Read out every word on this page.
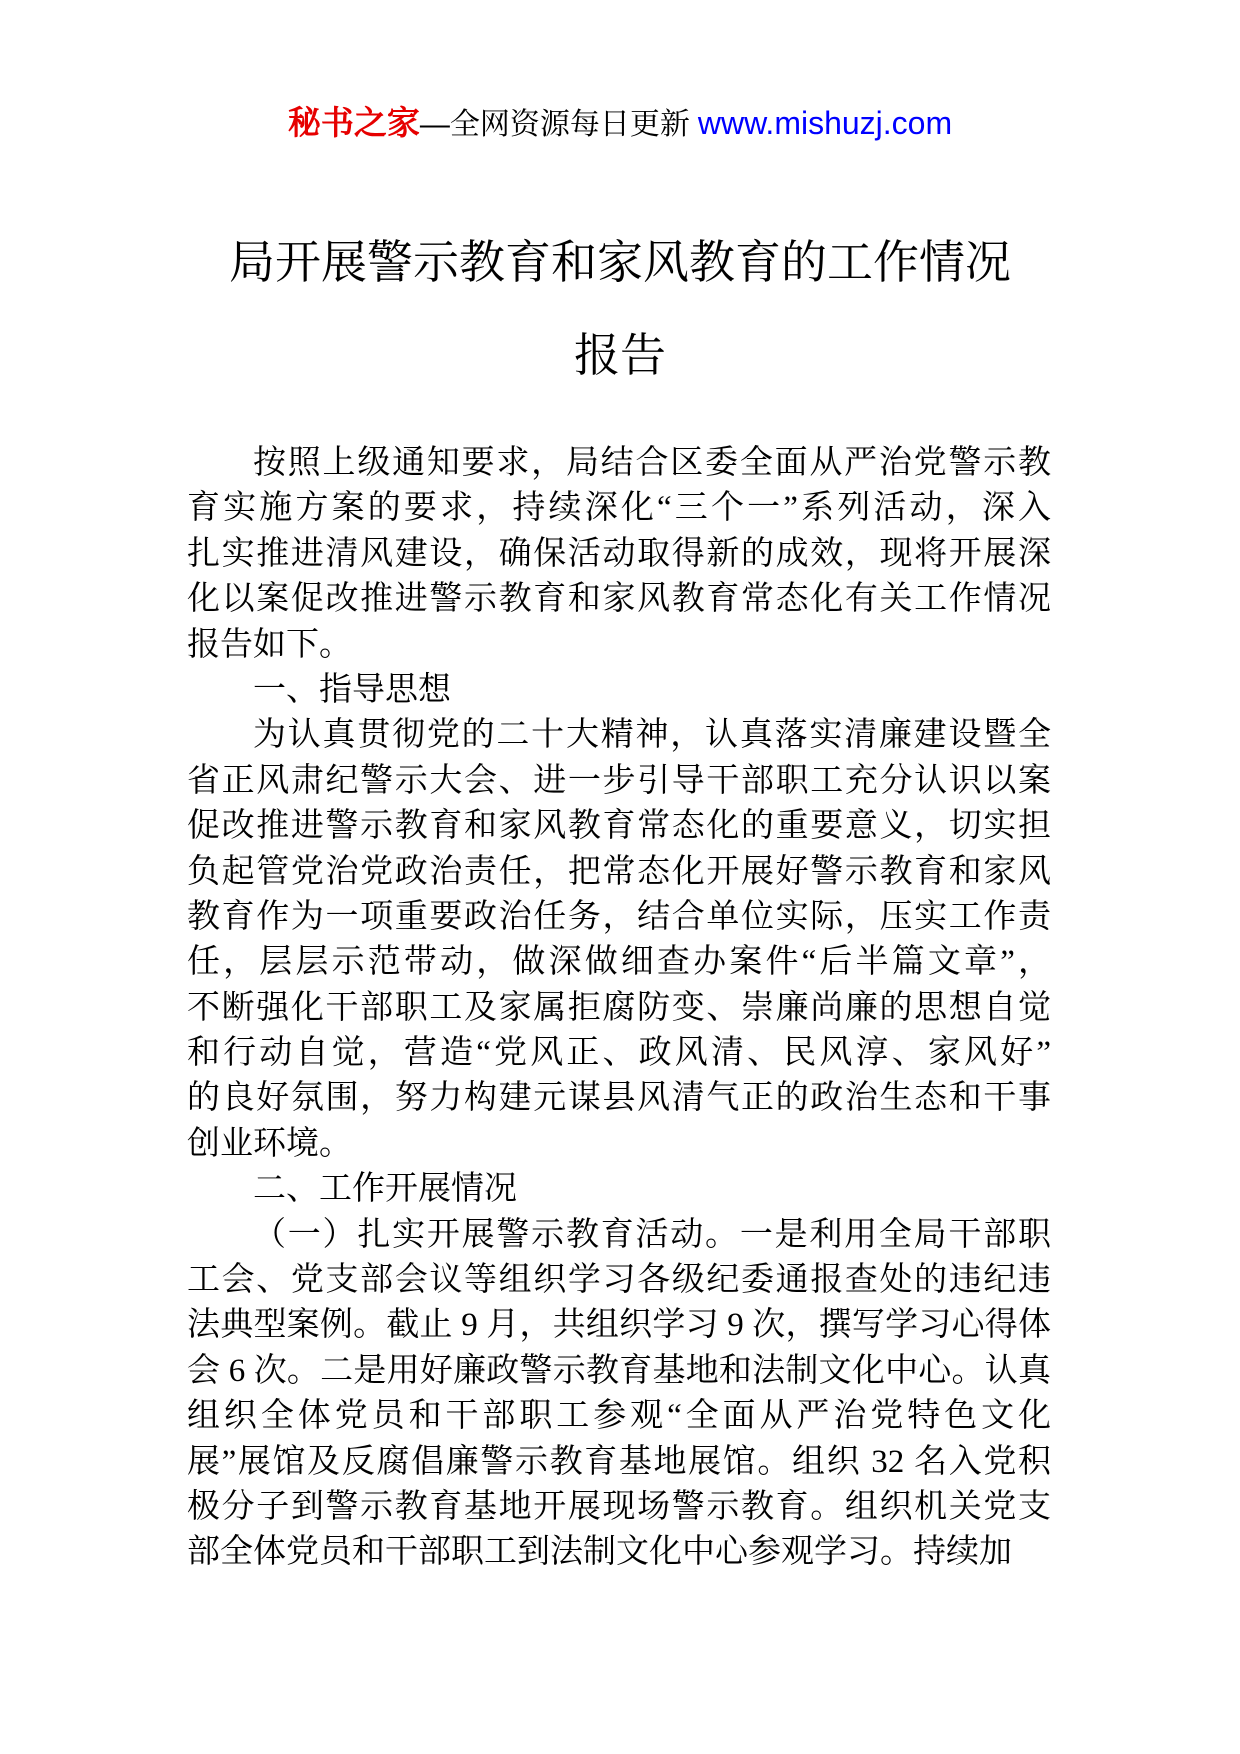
秘书之家—全网资源每日更新 www.mishuzj.com
局开展警示教育和家风教育的工作情况
报告
按照上级通知要求，局结合区委全面从严治党警示教
育实施方案的要求，持续深化“三个一”系列活动，深入
扎实推进清风建设，确保活动取得新的成效，现将开展深
化以案促改推进警示教育和家风教育常态化有关工作情况
报告如下。
一、指导思想
为认真贯彻党的二十大精神，认真落实清廉建设暨全
省正风肃纪警示大会、进一步引导干部职工充分认识以案
促改推进警示教育和家风教育常态化的重要意义，切实担
负起管党治党政治责任，把常态化开展好警示教育和家风
教育作为一项重要政治任务，结合单位实际，压实工作责
任，层层示范带动，做深做细查办案件“后半篇文章”，
不断强化干部职工及家属拒腐防变、崇廉尚廉的思想自觉
和行动自觉，营造“党风正、政风清、民风淳、家风好”
的良好氛围，努力构建元谋县风清气正的政治生态和干事
创业环境。
二、工作开展情况
（一）扎实开展警示教育活动。一是利用全局干部职
工会、党支部会议等组织学习各级纪委通报查处的违纪违
法典型案例。截止 9 月，共组织学习 9 次，撰写学习心得体
会 6 次。二是用好廉政警示教育基地和法制文化中心。认真
组织全体党员和干部职工参观“全面从严治党特色文化
展”展馆及反腐倡廉警示教育基地展馆。组织 32 名入党积
极分子到警示教育基地开展现场警示教育。组织机关党支
部全体党员和干部职工到法制文化中心参观学习。持续加
